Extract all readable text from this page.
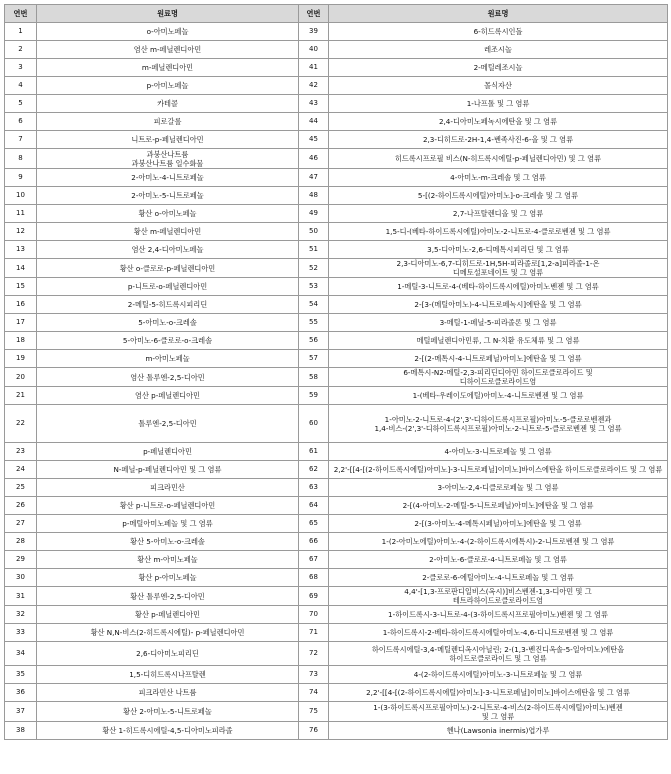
연번	원료명	연번	원료명
1	o-아미노페놀	39	6-히드록시인돌
2	염산 m-페닐렌디아민	40	레조시놀
3	m-페닐렌디아민	41	2-메틸레조시놀
4	p-아미노페놀	42	몰식자산
5	카테콜	43	1-나프톨 및 그 염류
6	피로갈롤	44	2,4-디아미노페녹시에탄올 및 그 염류
7	니트로-p-페닐렌디아민	45	2,3-디히드로-2H-1,4-벤족사진-6-올 및 그 염류
8	과붕산나트륨
과붕산나트륨 일수화물	46	히드록시프로필 비스(N-히드록시에틸-p-페닐렌디아민) 및 그 염류
9	2-아미노-4-니트로페놀	47	4-아미노-m-크레솔 및 그 염류
10	2-아미노-5-니트로페놀	48	5-[(2-하이드록시에틸)아미노]-o-크레솔 및 그 염류
11	황산 o-아미노페놀	49	2,7-나프탈렌디올 및 그 염류
12	황산 m-페닐렌디아민	50	1,5-디-(베타-하이드록시에틸)아미노-2-니트로-4-클로로벤젠 및 그 염류
13	염산 2,4-디아미노페놀	51	3,5-디아미노-2,6-디메톡시피리딘 및 그 염류
14	황산 o-클로로-p-페닐렌디아민	52	2,3-디아미노-6,7-디히드로-1H,5H-피라졸로[1,2-a]피라졸-1-온
디메토설포네이트 및 그 염류
15	p-니트로-o-페닐렌디아민	53	1-메틸-3-니트로-4-(베타-하이드록시에틸)아미노벤젠 및 그 염류
16	2-메틸-5-히드록시피리딘	54	2-[3-(메틸아미노)-4-니트로페녹시]에탄올 및 그 염류
17	5-아미노-o-크레솔	55	3-메틸-1-페닐-5-피라졸론 및 그 염류
18	5-아미노-6-클로로-o-크레솔	56	메틸페닐렌디아민류, 그 N-치환 유도체류 및 그 염류
19	m-아미노페놀	57	2-[(2-메톡시-4-니트로페닐)아미노]에탄올 및 그 염류
20	염산 톨루엔-2,5-디아민	58	6-메톡시-N2-메틸-2,3-피리딘디아민 하이드로클로라이드 및
디하이드로클로라이드염
21	염산 p-페닐렌디아민	59	1-(베타-우레이도에틸)아미노-4-니트로벤젠 및 그 염류
22	톨루엔-2,5-디아민	60	1-아미노-2-니트로-4-(2',3'-디하이드록시프로필)아미노-5-클로로벤젠과
1,4-비스-(2',3'-디하이드록시프로필)아미노-2-니트로-5-클로로벤젠 및 그 염류
23	p-페닐렌디아민	61	4-아미노-3-니트로페놀 및 그 염류
24	N-페닐-p-페닐렌디아민 및 그 염류	62	2,2'-[[4-[(2-하이드록시에틸)아미노]-3-니트로페닐]이미노]바이스에탄올 하이드로클로라이드 및 그 염류
25	피크라민산	63	3-아미노-2,4-디클로로페놀 및 그 염류
26	황산 p-니트로-o-페닐렌디아민	64	2-[(4-아미노-2-메틸-5-니트로페닐)아미노]에탄올 및 그 염류
27	p-메틸아미노페놀 및 그 염류	65	2-[(3-아미노-4-메톡시페닐)아미노]에탄올 및 그 염류
28	황산 5-아미노-o-크레솔	66	1-(2-아미노에틸)아미노-4-(2-하이드록시에톡시)-2-니트로벤젠 및 그 염류
29	황산 m-아미노페놀	67	2-아미노-6-클로로-4-니트로페놀 및 그 염류
30	황산 p-아미노페놀	68	2-클로로-6-에틸아미노-4-니트로페놀 및 그 염류
31	황산 톨루엔-2,5-디아민	69	4,4'-[1,3-프로판디일비스(옥시)]비스벤젠-1,3-디아민 및 그
테트라하이드로클로라이드염
32	황산 p-페닐렌디아민	70	1-하이드록시-3-니트로-4-(3-하이드록시프로필아미노)벤젠 및 그 염류
33	황산 N,N-비스(2-히드록시에틸)- p-페닐렌디아민	71	1-하이드록시-2-베타-하이드록시에틸아미노-4,6-디니트로벤젠 및 그 염류
34	2,6-디아미노피리딘	72	하이드록시에틸-3,4-메틸렌디옥시아닐린; 2-(1,3-벤진디옥솔-5-일아미노)에탄올
하이드로클로라이드 및 그 염류
35	1,5-디히드록시나프탈렌	73	4-(2-하이드록시에틸)아미노-3-니트로페놀 및 그 염류
36	피크라민산 나트륨	74	2,2'-[[4-[(2-하이드록시에틸)아미노]-3-니트로페닐]이미노]바이스에탄올 및 그 염류
37	황산 2-아미노-5-니트로페놀	75	1-(3-하이드록시프로필아미노)-2-니트로-4-비스(2-하이드록시에틸)아미노)벤젠
및 그 염류
38	황산 1-히드록시에틸-4,5-디아미노피라졸	76	헨나(Lawsonia inermis)엽가루
